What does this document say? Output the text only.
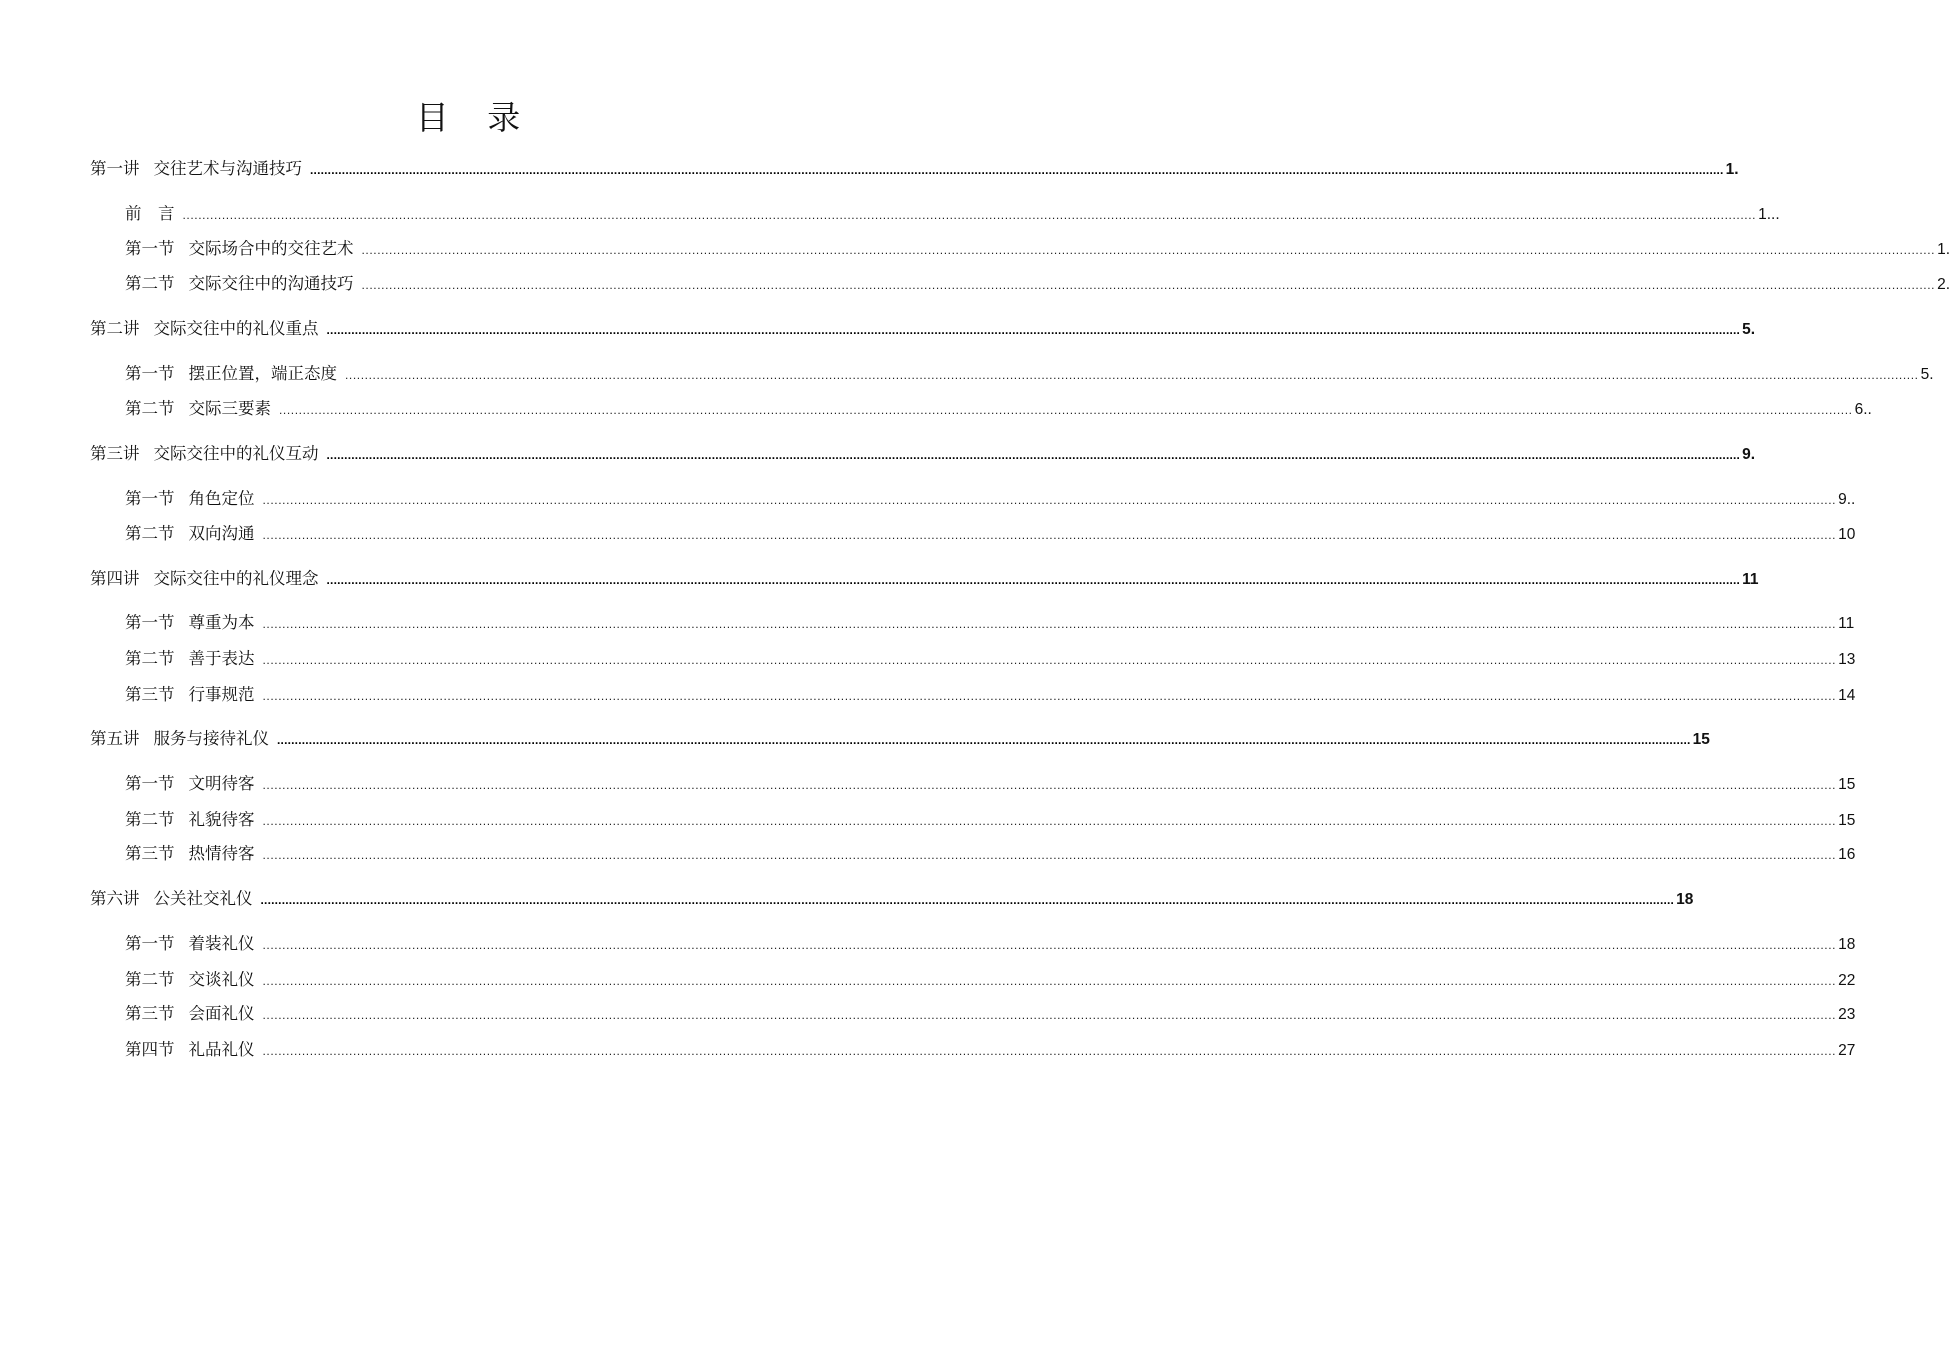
目 录
第一讲 交往艺术与沟通技巧 ................................................................................................................................................................................................................................................................................................................................................................................................................ 1.
前　言 ................................................................................................................................................................................................................................................................................................................................................................................................................ 1...
第一节 交际场合中的交往艺术 ................................................................................................................................................................................................................................................................................................................................................................................................................ 1.
第二节 交际交往中的沟通技巧 ................................................................................................................................................................................................................................................................................................................................................................................................................ 2.
第二讲 交际交往中的礼仪重点 ................................................................................................................................................................................................................................................................................................................................................................................................................ 5.
第一节 摆正位置，端正态度 ................................................................................................................................................................................................................................................................................................................................................................................................................ 5.
第二节 交际三要素 ................................................................................................................................................................................................................................................................................................................................................................................................................ 6..
第三讲 交际交往中的礼仪互动 ................................................................................................................................................................................................................................................................................................................................................................................................................ 9.
第一节 角色定位 ................................................................................................................................................................................................................................................................................................................................................................................................................ 9..
第二节 双向沟通 ................................................................................................................................................................................................................................................................................................................................................................................................................ 10
第四讲 交际交往中的礼仪理念 ................................................................................................................................................................................................................................................................................................................................................................................................................ 11
第一节 尊重为本 ................................................................................................................................................................................................................................................................................................................................................................................................................ 11
第二节 善于表达 ................................................................................................................................................................................................................................................................................................................................................................................................................ 13
第三节 行事规范 ................................................................................................................................................................................................................................................................................................................................................................................................................ 14
第五讲 服务与接待礼仪 ................................................................................................................................................................................................................................................................................................................................................................................................................ 15
第一节 文明待客 ................................................................................................................................................................................................................................................................................................................................................................................................................ 15
第二节 礼貌待客 ................................................................................................................................................................................................................................................................................................................................................................................................................ 15
第三节 热情待客 ................................................................................................................................................................................................................................................................................................................................................................................................................ 16
第六讲 公关社交礼仪 ................................................................................................................................................................................................................................................................................................................................................................................................................ 18
第一节 着装礼仪 ................................................................................................................................................................................................................................................................................................................................................................................................................ 18
第二节 交谈礼仪 ................................................................................................................................................................................................................................................................................................................................................................................................................ 22
第三节 会面礼仪 ................................................................................................................................................................................................................................................................................................................................................................................................................ 23
第四节 礼品礼仪 ................................................................................................................................................................................................................................................................................................................................................................................................................ 27
